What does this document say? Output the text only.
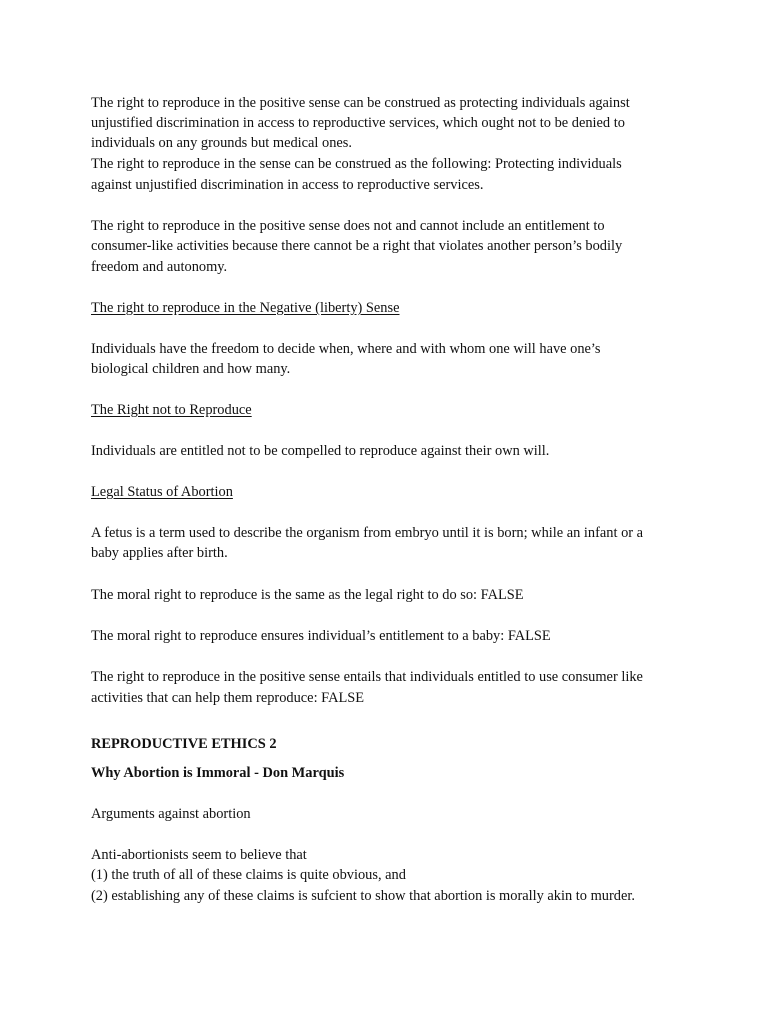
The right to reproduce in the positive sense can be construed as protecting individuals against
unjustified discrimination in access to reproductive services, which ought not to be denied to
individuals on any grounds but medical ones.
The right to reproduce in the sense can be construed as the following: Protecting individuals
against unjustified discrimination in access to reproductive services.
The right to reproduce in the positive sense does not and cannot include an entitlement to
consumer-like activities because there cannot be a right that violates another person’s bodily
freedom and autonomy.
The right to reproduce in the Negative (liberty) Sense
Individuals have the freedom to decide when, where and with whom one will have one’s
biological children and how many.
The Right not to Reproduce
Individuals are entitled not to be compelled to reproduce against their own will.
Legal Status of Abortion
A fetus is a term used to describe the organism from embryo until it is born; while an infant or a
baby applies after birth.
The moral right to reproduce is the same as the legal right to do so: FALSE
The moral right to reproduce ensures individual’s entitlement to a baby: FALSE
The right to reproduce in the positive sense entails that individuals entitled to use consumer like
activities that can help them reproduce: FALSE
REPRODUCTIVE ETHICS 2
Why Abortion is Immoral - Don Marquis
Arguments against abortion
Anti-abortionists seem to believe that
(1) the truth of all of these claims is quite obvious, and
(2) establishing any of these claims is sufcient to show that abortion is morally akin to murder.
